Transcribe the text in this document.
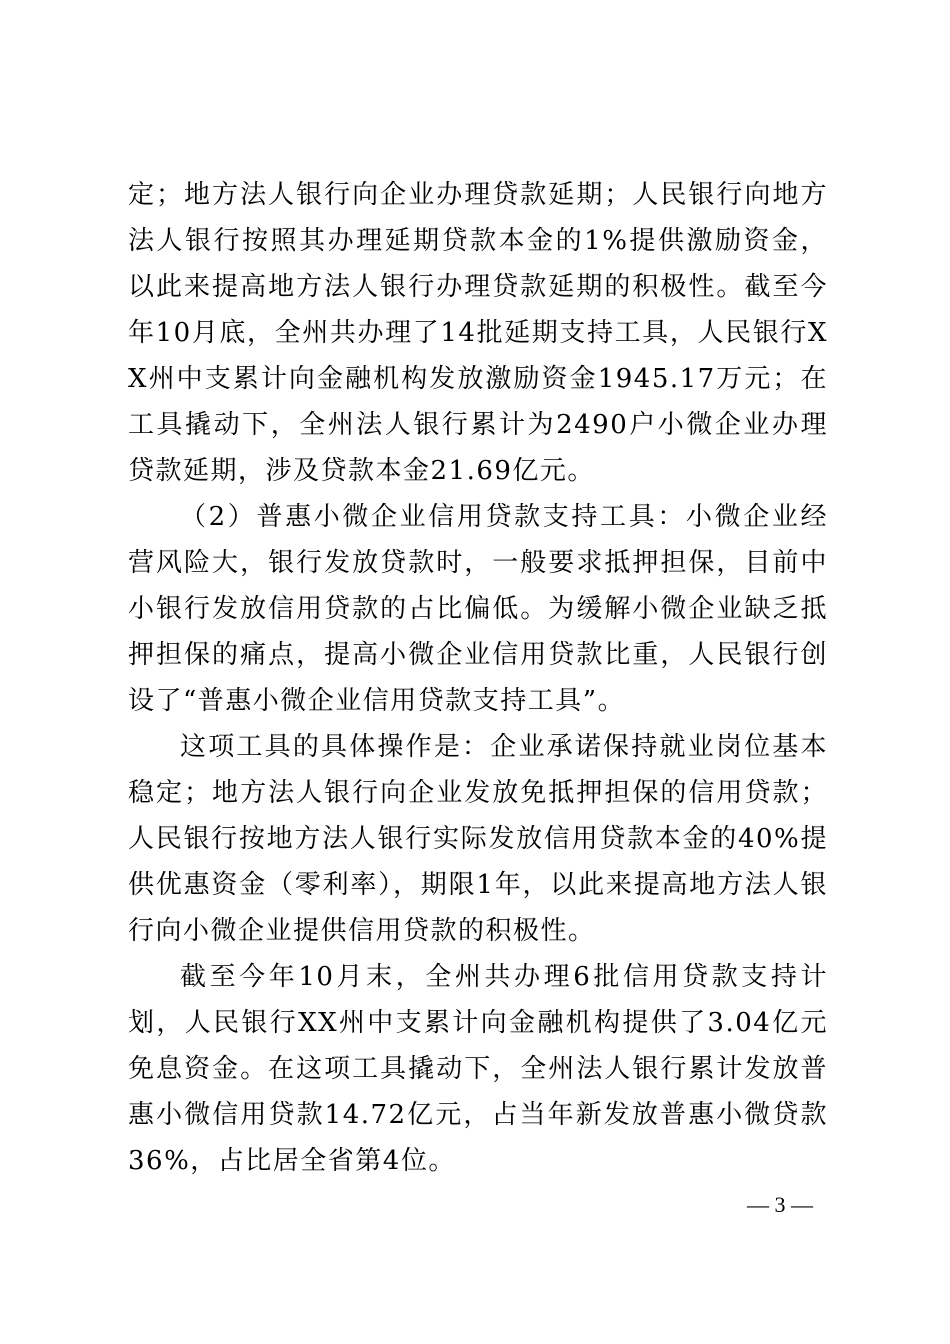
定；地方法人银行向企业办理贷款延期；人民银行向地方法人银行按照其办理延期贷款本金的1%提供激励资金，以此来提高地方法人银行办理贷款延期的积极性。截至今年10月底，全州共办理了14批延期支持工具，人民银行XX州中支累计向金融机构发放激励资金1945.17万元；在工具撬动下，全州法人银行累计为2490户小微企业办理贷款延期，涉及贷款本金21.69亿元。

（2）普惠小微企业信用贷款支持工具：小微企业经营风险大，银行发放贷款时，一般要求抵押担保，目前中小银行发放信用贷款的占比偏低。为缓解小微企业缺乏抵押担保的痛点，提高小微企业信用贷款比重，人民银行创设了“普惠小微企业信用贷款支持工具”。

这项工具的具体操作是：企业承诺保持就业岗位基本稳定；地方法人银行向企业发放免抵押担保的信用贷款；人民银行按地方法人银行实际发放信用贷款本金的40%提供优惠资金（零利率），期限1年，以此来提高地方法人银行向小微企业提供信用贷款的积极性。

截至今年10月末，全州共办理6批信用贷款支持计划，人民银行XX州中支累计向金融机构提供了3.04亿元免息资金。在这项工具撬动下，全州法人银行累计发放普惠小微信用贷款14.72亿元，占当年新发放普惠小微贷款36%，占比居全省第4位。

— 3 —
